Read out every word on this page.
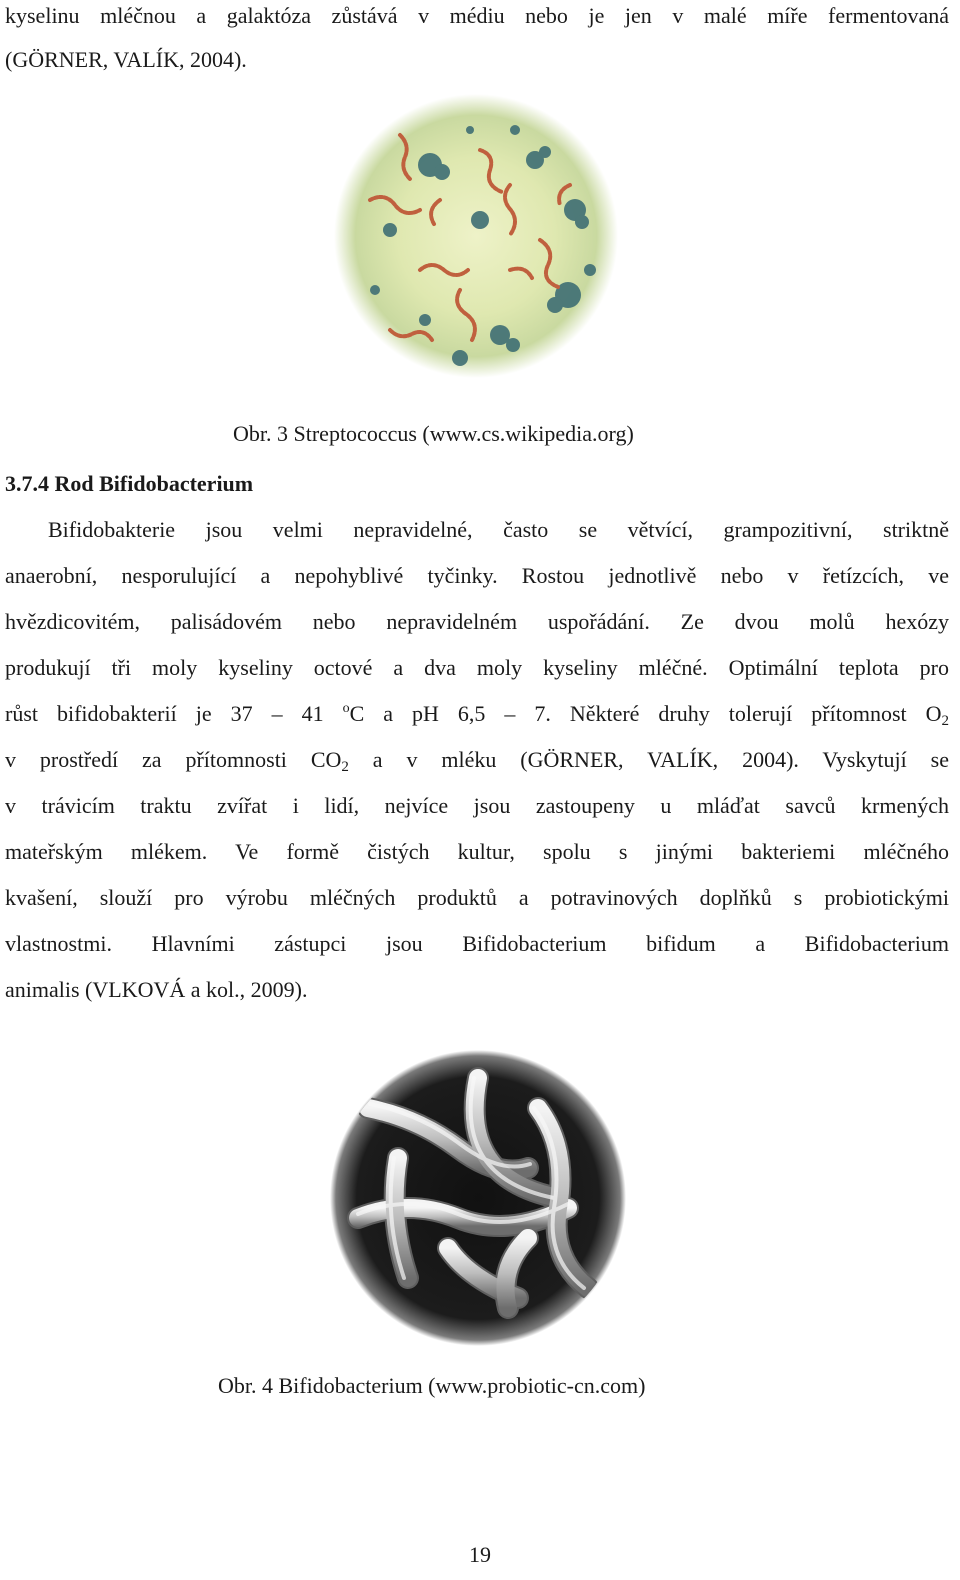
kyselinu mléčnou a galaktóza zůstává v médiu nebo je jen v malé míře fermentovaná
(GÖRNER, VALÍK, 2004).
Obr. 3 Streptococcus (www.cs.wikipedia.org)
3.7.4 Rod Bifidobacterium
Bifidobakterie jsou velmi nepravidelné, často se větvící, grampozitivní, striktně
anaerobní, nesporulující a nepohyblivé tyčinky. Rostou jednotlivě nebo v řetízcích, ve
hvězdicovitém, palisádovém nebo nepravidelném uspořádání. Ze dvou molů hexózy
produkují tři moly kyseliny octové a dva moly kyseliny mléčné. Optimální teplota pro
růst bifidobakterií je 37 – 41 $^o$C a pH 6,5 – 7. Některé druhy tolerují přítomnost $O_2$
v prostředí za přítomnosti $CO_2$ a v mléku (GÖRNER, VALÍK, 2004). Vyskytují se
v trávicím traktu zvířat i lidí, nejvíce jsou zastoupeny u mláďat savců krmených
mateřským mlékem. Ve formě čistých kultur, spolu s jinými bakteriemi mléčného
kvašení, slouží pro výrobu mléčných produktů a potravinových doplňků s probiotickými
vlastnostmi. Hlavními zástupci jsou Bifidobacterium bifidum a Bifidobacterium
animalis (VLKOVÁ a kol., 2009).
Obr. 4 Bifidobacterium (www.probiotic-cn.com)
19
